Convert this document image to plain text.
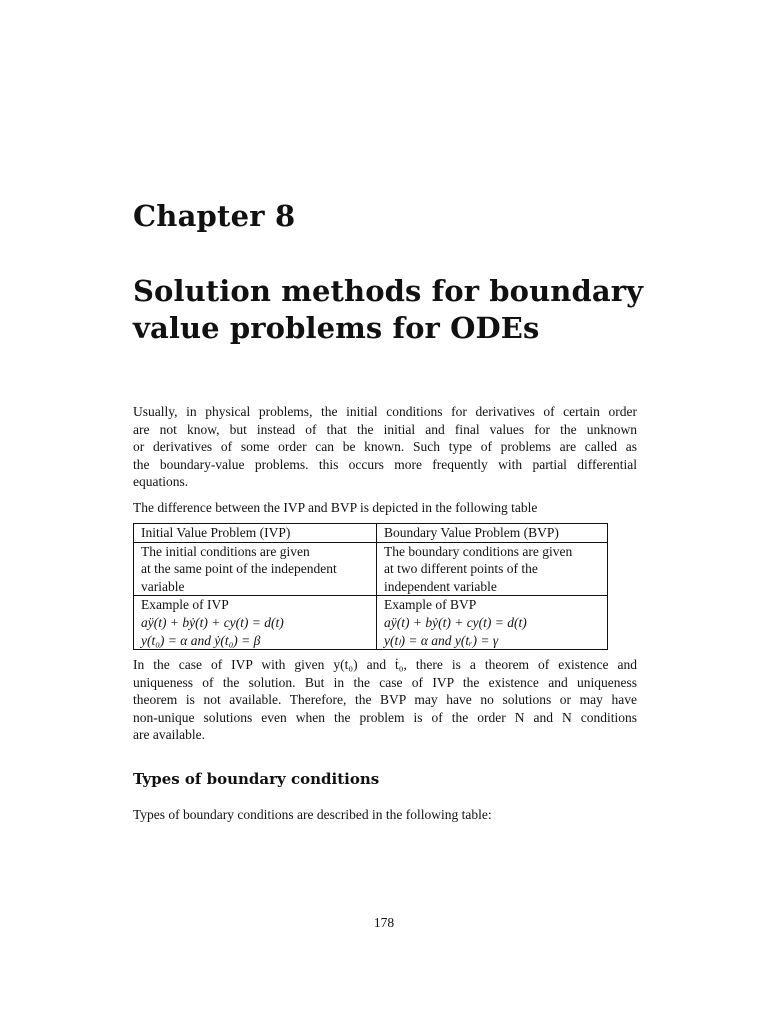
Chapter 8
Solution methods for boundary
value problems for ODEs

Usually, in physical problems, the initial conditions for derivatives of certain order
are not know, but instead of that the initial and final values for the unknown
or derivatives of some order can be known. Such type of problems are called as
the boundary-value problems. this occurs more frequently with partial differential
equations.

The difference between the IVP and BVP is depicted in the following table

Initial Value Problem (IVP)	Boundary Value Problem (BVP)

The initial conditions are given
at the same point of the independent
variable	The boundary conditions are given
at two different points of the
independent variable

Example of IVP
aÿ(t) + bẏ(t) + cy(t) = d(t)
y(t₀) = α and ẏ(t₀) = β	Example of BVP
aÿ(t) + bẏ(t) + cy(t) = d(t)
y(tₗ) = α and y(tᵣ) = γ

In the case of IVP with given y(t₀) and ṫ₀, there is a theorem of existence and
uniqueness of the solution. But in the case of IVP the existence and uniqueness
theorem is not available. Therefore, the BVP may have no solutions or may have
non-unique solutions even when the problem is of the order N and N conditions
are available.

Types of boundary conditions

Types of boundary conditions are described in the following table:

178
